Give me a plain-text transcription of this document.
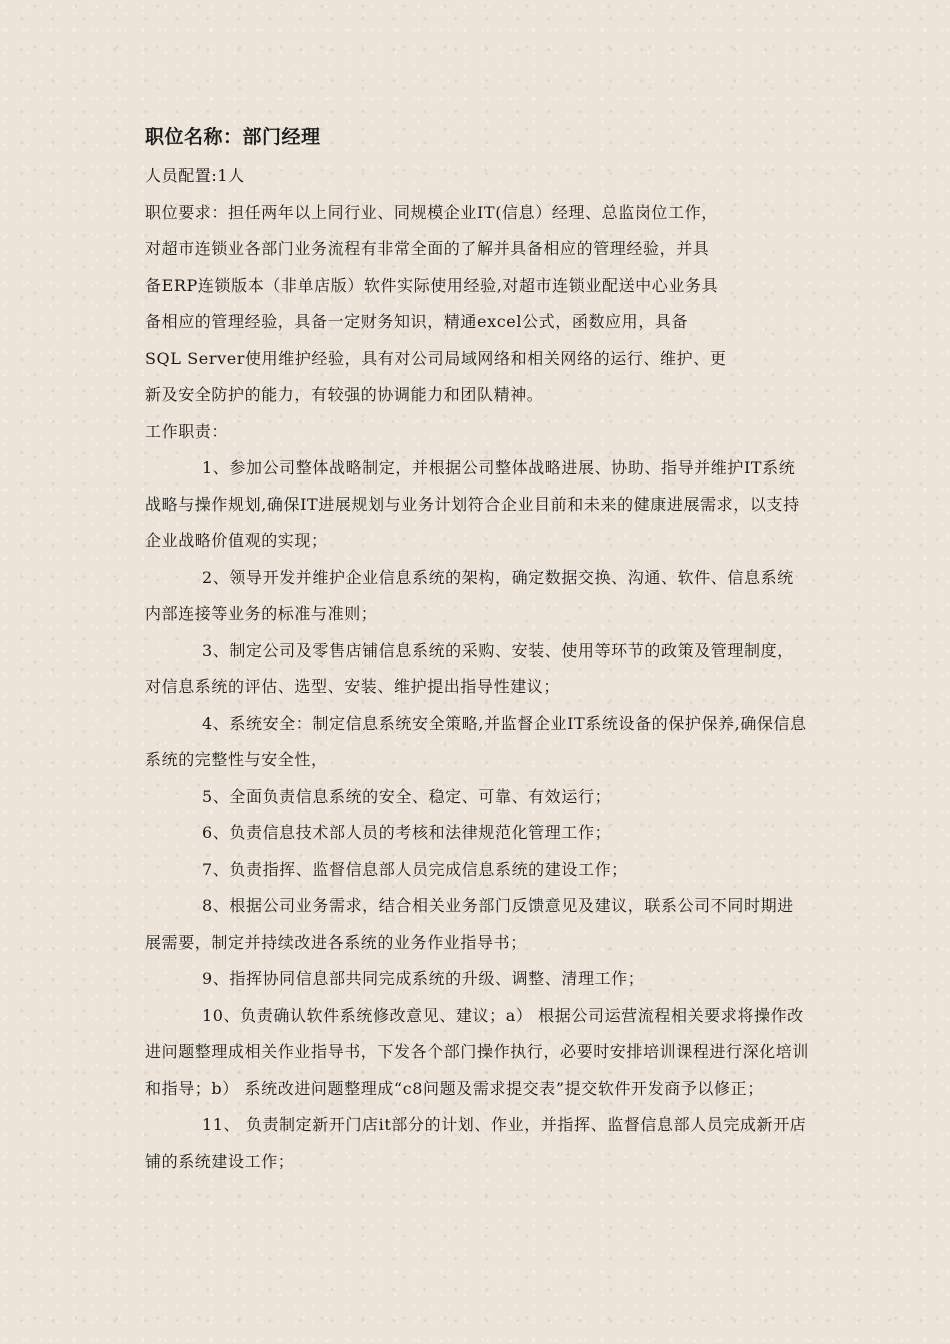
职位名称：部门经理

人员配置:1人

职位要求：担任两年以上同行业、同规模企业IT(信息）经理、总监岗位工作，

对超市连锁业各部门业务流程有非常全面的了解并具备相应的管理经验，并具

备ERP连锁版本（非单店版）软件实际使用经验,对超市连锁业配送中心业务具

备相应的管理经验，具备一定财务知识，精通excel公式，函数应用，具备

SQL Server使用维护经验，具有对公司局域网络和相关网络的运行、维护、更

新及安全防护的能力，有较强的协调能力和团队精神。

工作职责：

1、参加公司整体战略制定，并根据公司整体战略进展、协助、指导并维护IT系统战略与操作规划,确保IT进展规划与业务计划符合企业目前和未来的健康进展需求，以支持企业战略价值观的实现；

2、领导开发并维护企业信息系统的架构，确定数据交换、沟通、软件、信息系统内部连接等业务的标准与准则；

3、制定公司及零售店铺信息系统的采购、安装、使用等环节的政策及管理制度，对信息系统的评估、选型、安装、维护提出指导性建议；

4、系统安全：制定信息系统安全策略,并监督企业IT系统设备的保护保养,确保信息系统的完整性与安全性，

5、全面负责信息系统的安全、稳定、可靠、有效运行；

6、负责信息技术部人员的考核和法律规范化管理工作；

7、负责指挥、监督信息部人员完成信息系统的建设工作；

8、根据公司业务需求，结合相关业务部门反馈意见及建议，联系公司不同时期进展需要，制定并持续改进各系统的业务作业指导书；

9、指挥协同信息部共同完成系统的升级、调整、清理工作；

10、负责确认软件系统修改意见、建议；a） 根据公司运营流程相关要求将操作改进问题整理成相关作业指导书，下发各个部门操作执行，必要时安排培训课程进行深化培训和指导；b） 系统改进问题整理成“c8问题及需求提交表”提交软件开发商予以修正；

11、 负责制定新开门店it部分的计划、作业，并指挥、监督信息部人员完成新开店铺的系统建设工作；
